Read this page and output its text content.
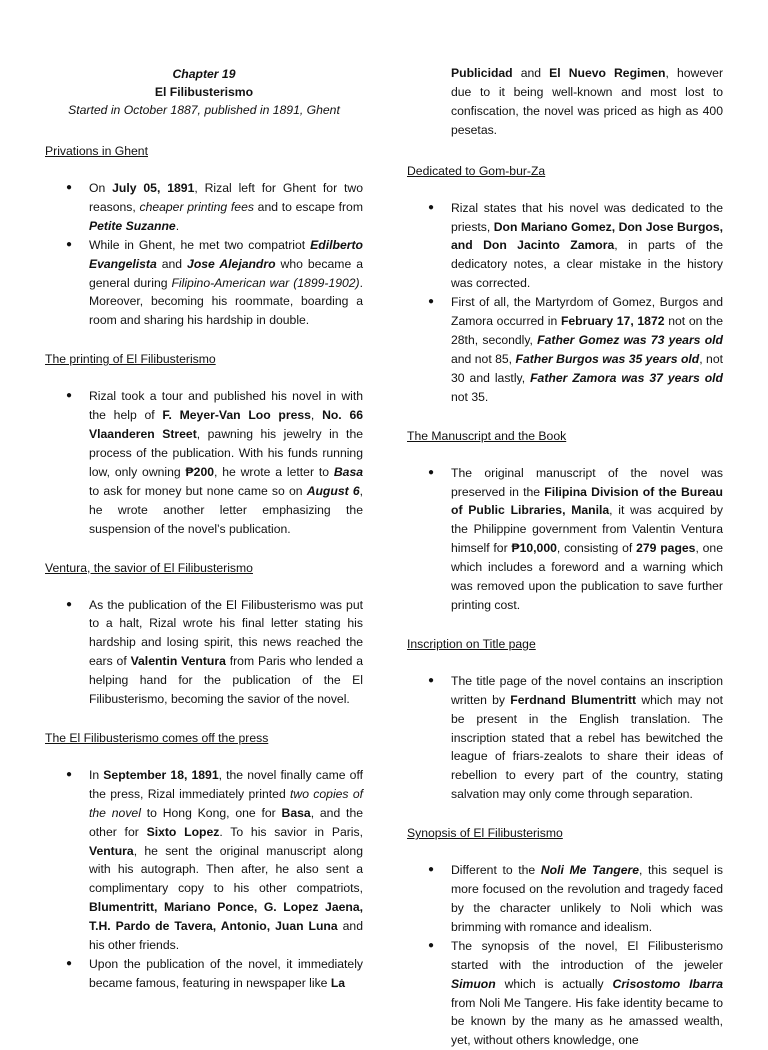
Chapter 19
El Filibusterismo
Started in October 1887, published in 1891, Ghent
Privations in Ghent
● On July 05, 1891, Rizal left for Ghent for two reasons, cheaper printing fees and to escape from Petite Suzanne.
● While in Ghent, he met two compatriot Edilberto Evangelista and Jose Alejandro who became a general during Filipino-American war (1899-1902). Moreover, becoming his roommate, boarding a room and sharing his hardship in double.
The printing of El Filibusterismo
● Rizal took a tour and published his novel in with the help of F. Meyer-Van Loo press, No. 66 Vlaanderen Street, pawning his jewelry in the process of the publication. With his funds running low, only owning ₱200, he wrote a letter to Basa to ask for money but none came so on August 6, he wrote another letter emphasizing the suspension of the novel’s publication.
Ventura, the savior of El Filibusterismo
● As the publication of the El Filibusterismo was put to a halt, Rizal wrote his final letter stating his hardship and losing spirit, this news reached the ears of Valentin Ventura from Paris who lended a helping hand for the publication of the El Filibusterismo, becoming the savior of the novel.
The El Filibusterismo comes off the press
● In September 18, 1891, the novel finally came off the press, Rizal immediately printed two copies of the novel to Hong Kong, one for Basa, and the other for Sixto Lopez. To his savior in Paris, Ventura, he sent the original manuscript along with his autograph. Then after, he also sent a complimentary copy to his other compatriots, Blumentritt, Mariano Ponce, G. Lopez Jaena, T.H. Pardo de Tavera, Antonio, Juan Luna and his other friends.
● Upon the publication of the novel, it immediately became famous, featuring in newspaper like La
Publicidad and El Nuevo Regimen, however due to it being well-known and most lost to confiscation, the novel was priced as high as 400 pesetas.
Dedicated to Gom-bur-Za
● Rizal states that his novel was dedicated to the priests, Don Mariano Gomez, Don Jose Burgos, and Don Jacinto Zamora, in parts of the dedicatory notes, a clear mistake in the history was corrected.
● First of all, the Martyrdom of Gomez, Burgos and Zamora occurred in February 17, 1872 not on the 28th, secondly, Father Gomez was 73 years old and not 85, Father Burgos was 35 years old, not 30 and lastly, Father Zamora was 37 years old not 35.
The Manuscript and the Book
● The original manuscript of the novel was preserved in the Filipina Division of the Bureau of Public Libraries, Manila, it was acquired by the Philippine government from Valentin Ventura himself for ₱10,000, consisting of 279 pages, one which includes a foreword and a warning which was removed upon the publication to save further printing cost.
Inscription on Title page
● The title page of the novel contains an inscription written by Ferdnand Blumentritt which may not be present in the English translation. The inscription stated that a rebel has bewitched the league of friars-zealots to share their ideas of rebellion to every part of the country, stating salvation may only come through separation.
Synopsis of El Filibusterismo
● Different to the Noli Me Tangere, this sequel is more focused on the revolution and tragedy faced by the character unlikely to Noli which was brimming with romance and idealism.
● The synopsis of the novel, El Filibusterismo started with the introduction of the jeweler Simuon which is actually Crisostomo Ibarra from Noli Me Tangere. His fake identity became to be known by the many as he amassed wealth, yet, without others knowledge, one
